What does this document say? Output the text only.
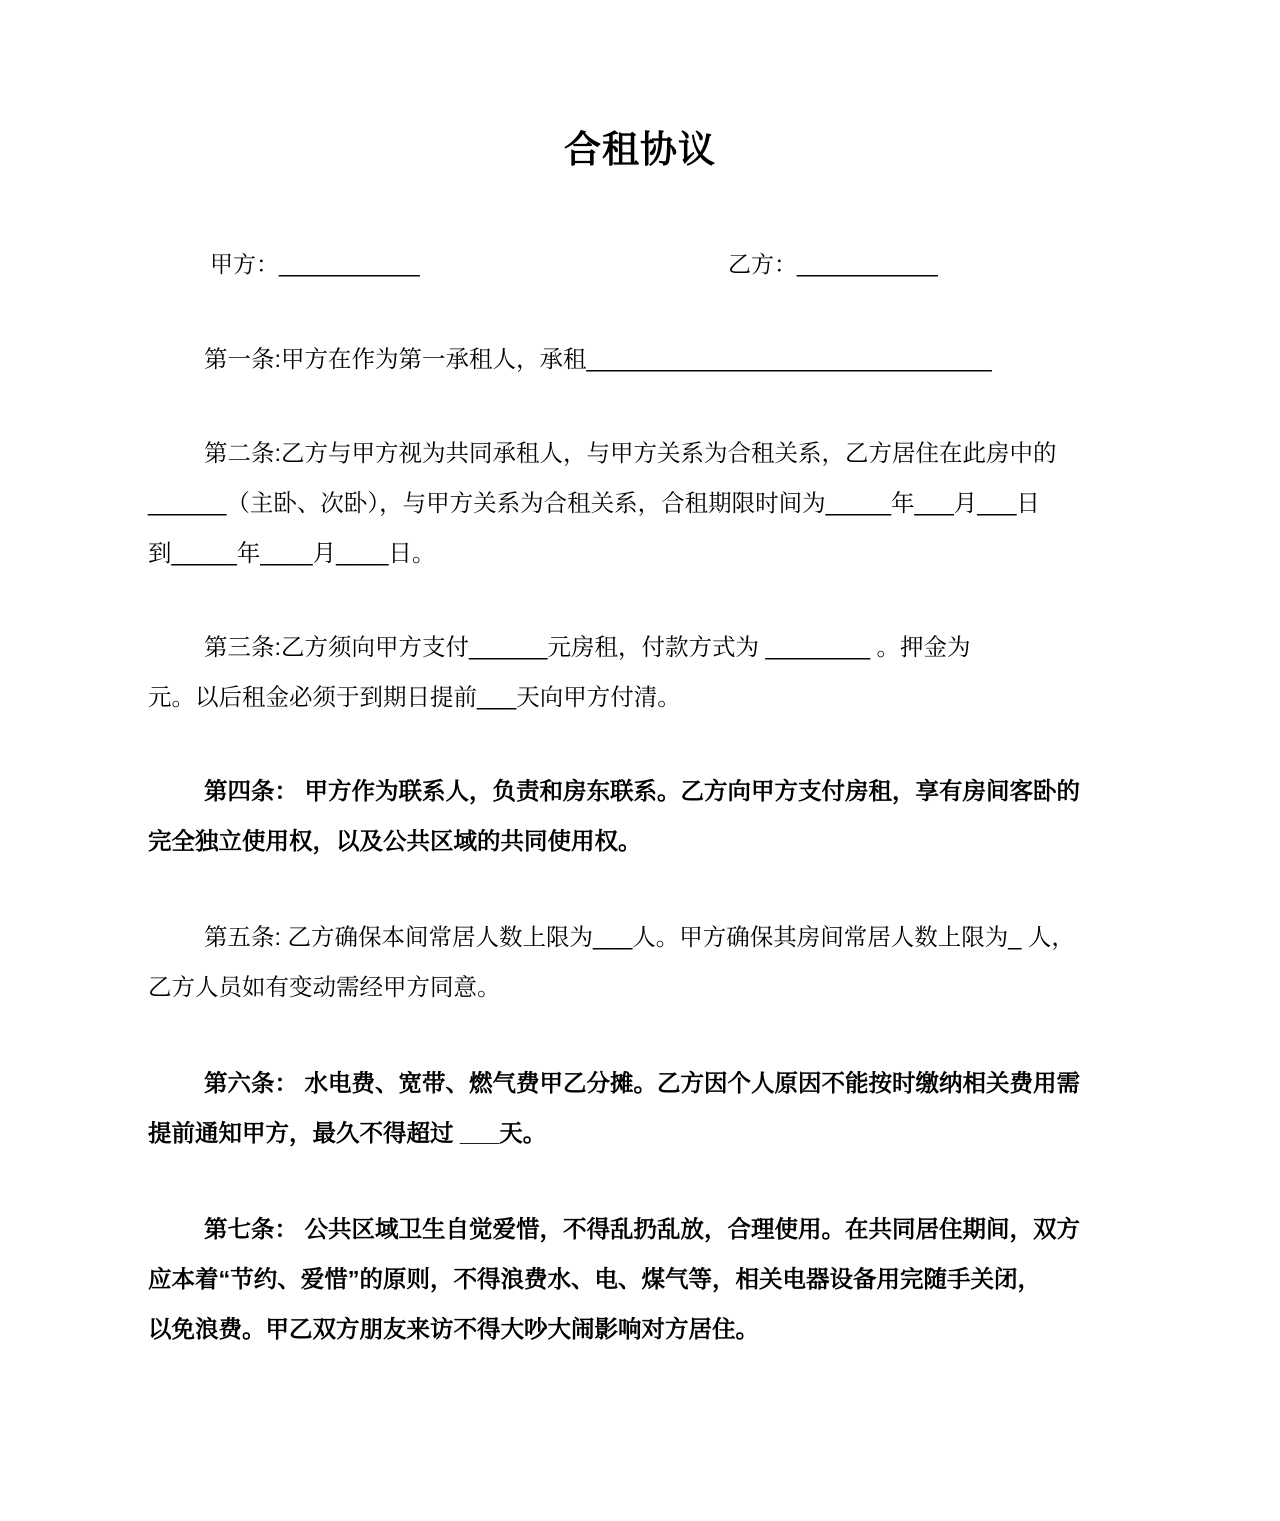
合租协议
甲方：___________	乙方：___________

第一条:甲方在作为第一承租人，承租_______________________________

第二条:乙方与甲方视为共同承租人，与甲方关系为合租关系，乙方居住在此房中的

______（主卧、次卧），与甲方关系为合租关系，合租期限时间为_____年___月___日

到_____年____月____日。

第三条:乙方须向甲方支付______元房租，付款方式为 ________ 。押金为

元。以后租金必须于到期日提前___天向甲方付清。

第四条： 甲方作为联系人，负责和房东联系。乙方向甲方支付房租，享有房间客卧的

完全独立使用权，以及公共区域的共同使用权。

第五条: 乙方确保本间常居人数上限为___人。甲方确保其房间常居人数上限为_ 人，

乙方人员如有变动需经甲方同意。

第六条： 水电费、宽带、燃气费甲乙分摊。乙方因个人原因不能按时缴纳相关费用需

提前通知甲方，最久不得超过 ___天。

第七条： 公共区域卫生自觉爱惜，不得乱扔乱放，合理使用。在共同居住期间，双方

应本着“节约、爱惜”的原则，不得浪费水、电、煤气等，相关电器设备用完随手关闭，

以免浪费。甲乙双方朋友来访不得大吵大闹影响对方居住。
